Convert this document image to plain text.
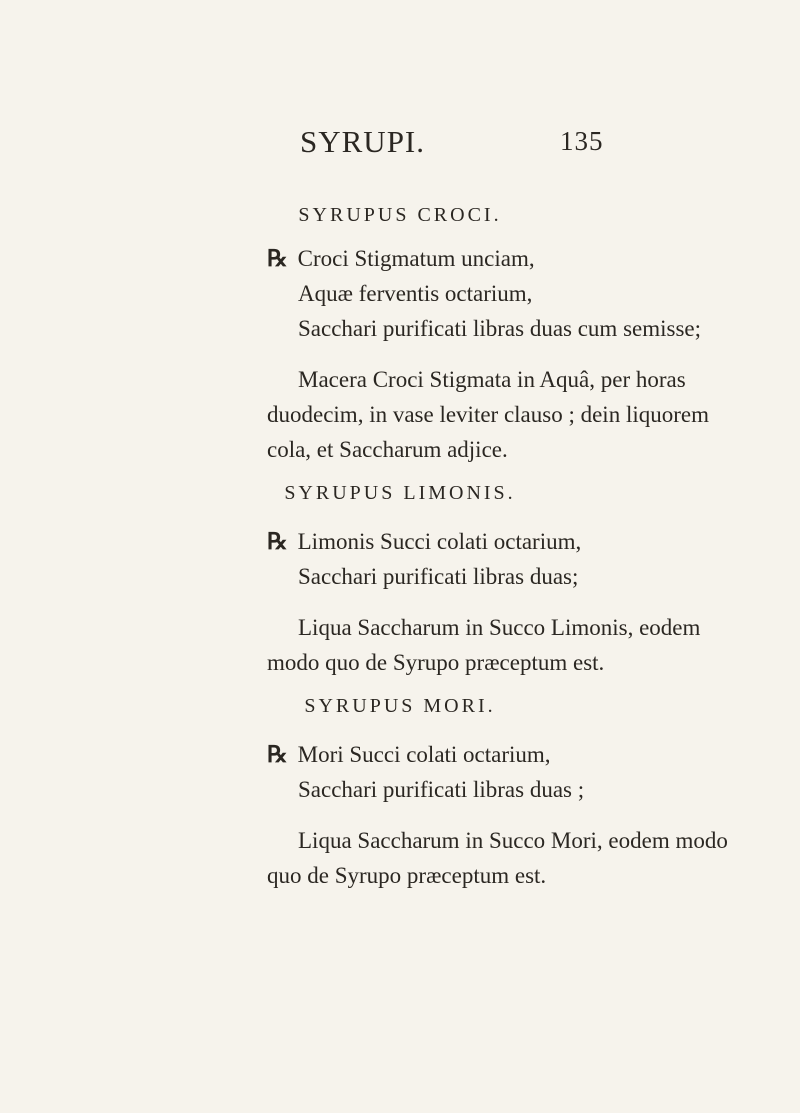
SYRUPI.	135
SYRUPUS CROCI.
℞ Croci Stigmatum unciam,
Aquæ ferventis octarium,
Sacchari purificati libras duas cum semisse;
Macera Croci Stigmata in Aquâ, per horas
duodecim, in vase leviter clauso ; dein liquorem
cola, et Saccharum adjice.
SYRUPUS LIMONIS.
℞ Limonis Succi colati octarium,
Sacchari purificati libras duas;
Liqua Saccharum in Succo Limonis, eodem
modo quo de Syrupo præceptum est.
SYRUPUS MORI.
℞ Mori Succi colati octarium,
Sacchari purificati libras duas ;
Liqua Saccharum in Succo Mori, eodem modo
quo de Syrupo præceptum est.
